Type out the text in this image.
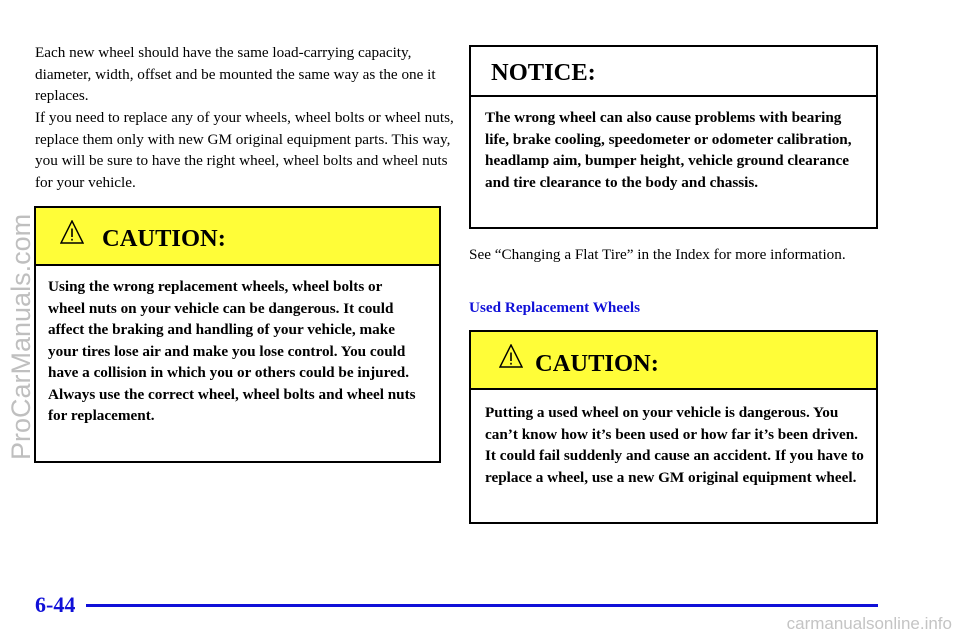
Each new wheel should have the same load-carrying capacity, diameter, width, offset and be mounted the same way as the one it replaces.

If you need to replace any of your wheels, wheel bolts or wheel nuts, replace them only with new GM original equipment parts. This way, you will be sure to have the right wheel, wheel bolts and wheel nuts for your vehicle.

CAUTION:

Using the wrong replacement wheels, wheel bolts or wheel nuts on your vehicle can be dangerous. It could affect the braking and handling of your vehicle, make your tires lose air and make you lose control. You could have a collision in which you or others could be injured. Always use the correct wheel, wheel bolts and wheel nuts for replacement.

NOTICE:

The wrong wheel can also cause problems with bearing life, brake cooling, speedometer or odometer calibration, headlamp aim, bumper height, vehicle ground clearance and tire clearance to the body and chassis.

See “Changing a Flat Tire” in the Index for more information.

Used Replacement Wheels
CAUTION:

Putting a used wheel on your vehicle is dangerous. You can’t know how it’s been used or how far it’s been driven. It could fail suddenly and cause an accident. If you have to replace a wheel, use a new GM original equipment wheel.

6-44
ProCarManuals.com
carmanualsonline.info
